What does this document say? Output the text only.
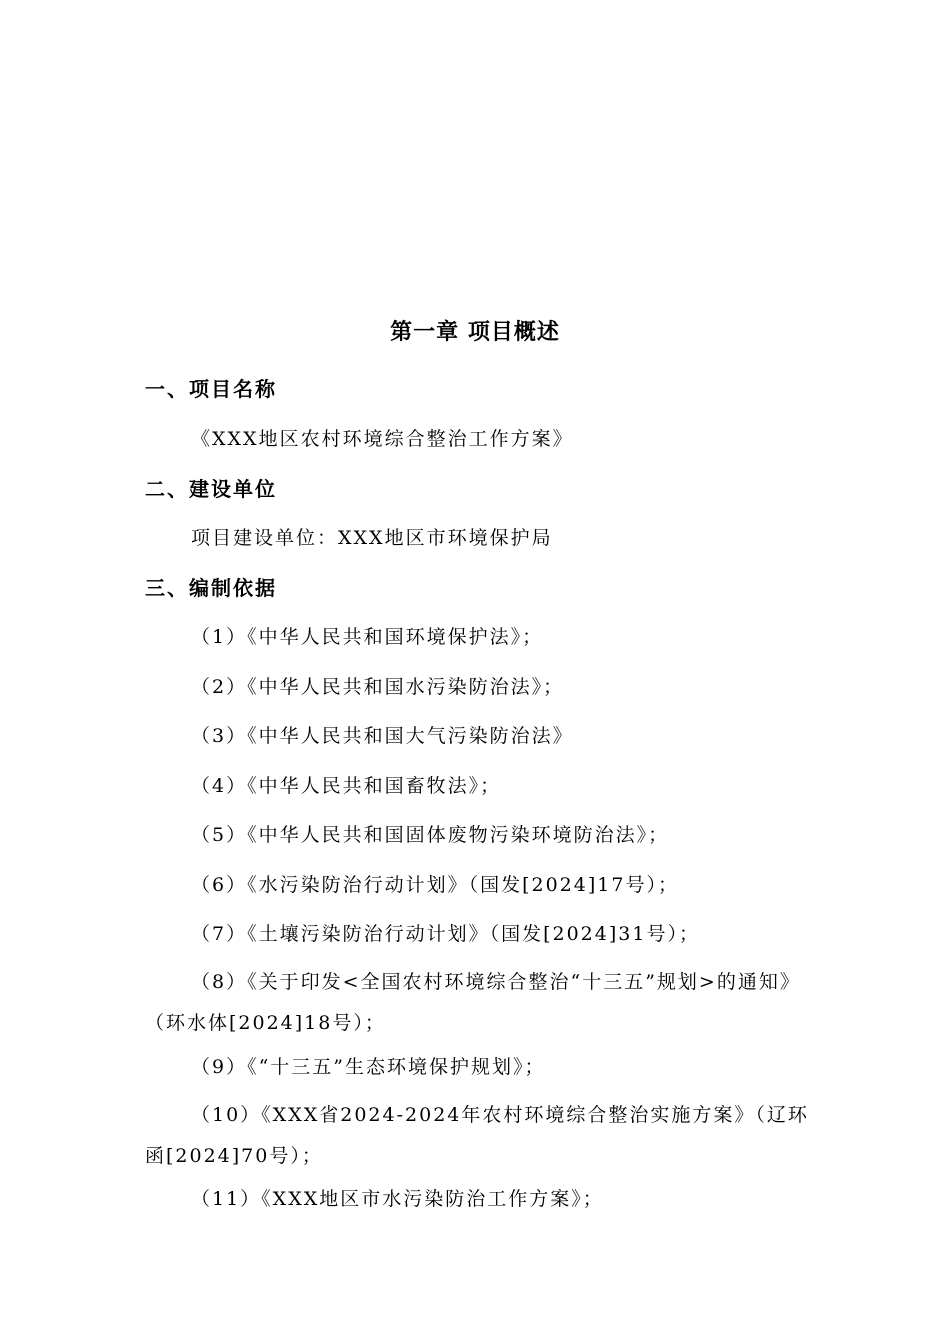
第一章 项目概述
一、项目名称
《XXX地区农村环境综合整治工作方案》
二、建设单位
项目建设单位：XXX地区市环境保护局
三、编制依据
（1）《中华人民共和国环境保护法》；
（2）《中华人民共和国水污染防治法》；
（3）《中华人民共和国大气污染防治法》
（4）《中华人民共和国畜牧法》；
（5）《中华人民共和国固体废物污染环境防治法》；
（6）《水污染防治行动计划》（国发[2024]17号）；
（7）《土壤污染防治行动计划》（国发[2024]31号）；
（8）《关于印发<全国农村环境综合整治“十三五”规划>的通知》（环水体[2024]18号）；
（9）《“十三五”生态环境保护规划》；
（10）《XXX省2024-2024年农村环境综合整治实施方案》（辽环函[2024]70号）；
（11）《XXX地区市水污染防治工作方案》；
